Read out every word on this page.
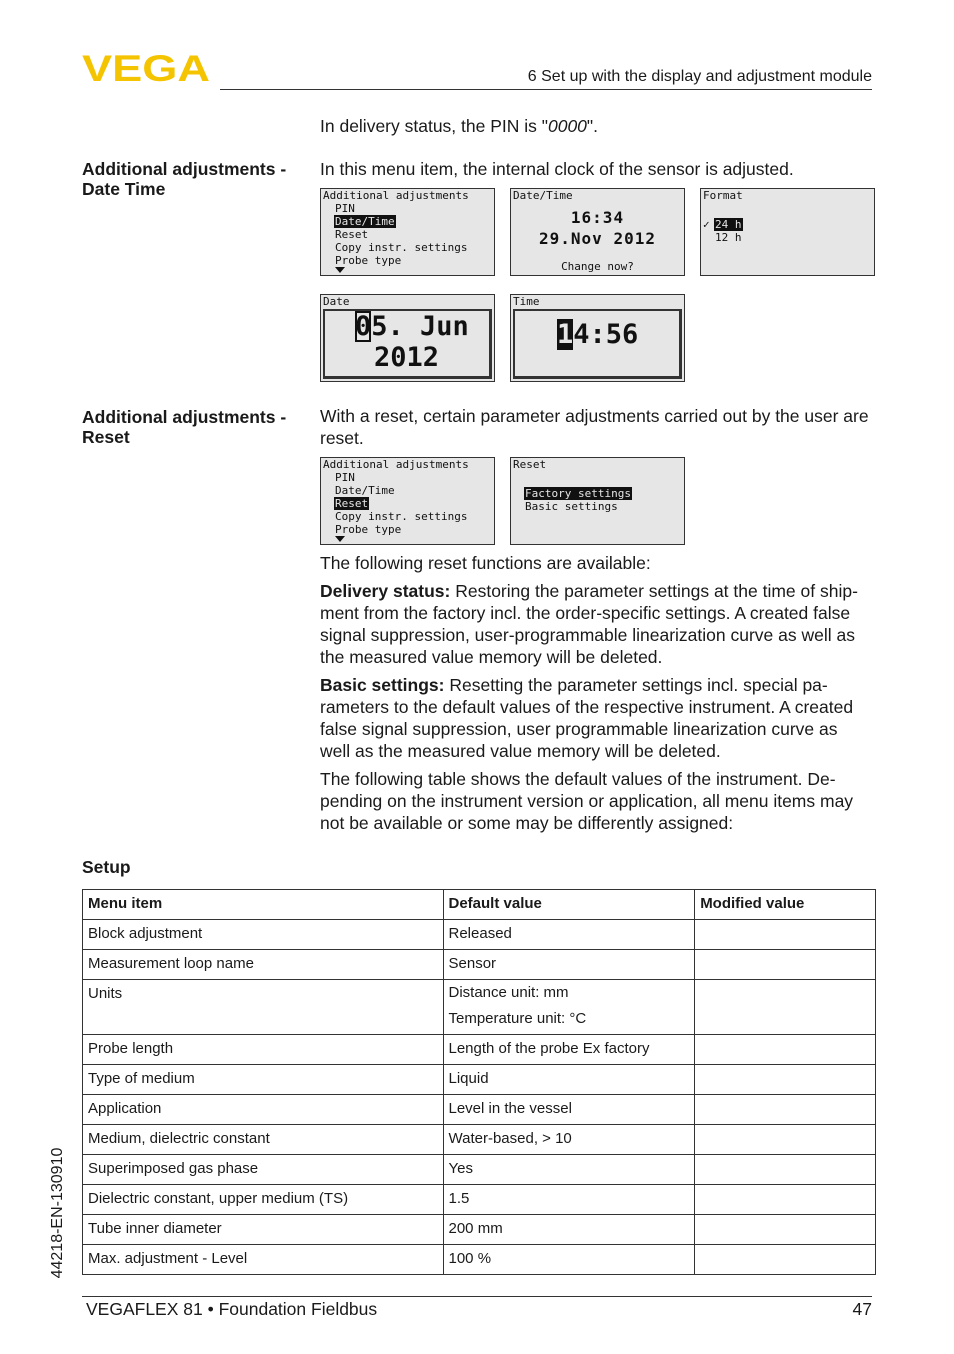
VEGA	6 Set up with the display and adjustment module
In delivery status, the PIN is "0000".
Additional adjustments - Date Time
In this menu item, the internal clock of the sensor is adjusted.
Additional adjustments
PIN
Date/Time
Reset
Copy instr. settings
Probe type
Date/Time
16:34
29.Nov 2012
Change now?
Format
✓ 24 h
12 h
Date
05. Jun
2012
Time
14:56
Additional adjustments - Reset
With a reset, certain parameter adjustments carried out by the user are reset.
Additional adjustments
PIN
Date/Time
Reset
Copy instr. settings
Probe type
Reset
Factory settings
Basic settings
The following reset functions are available:
Delivery status: Restoring the parameter settings at the time of ship-ment from the factory incl. the order-specific settings. A created false signal suppression, user-programmable linearization curve as well as the measured value memory will be deleted.
Basic settings: Resetting the parameter settings incl. special pa-rameters to the default values of the respective instrument. A created false signal suppression, user programmable linearization curve as well as the measured value memory will be deleted.
The following table shows the default values of the instrument. De-pending on the instrument version or application, all menu items may not be available or some may be differently assigned:
Setup
Menu item	Default value	Modified value
Block adjustment	Released	
Measurement loop name	Sensor	
Units	Distance unit: mm
Temperature unit: °C	

Probe length	Length of the probe Ex factory	
Type of medium	Liquid	
Application	Level in the vessel	
Medium, dielectric constant	Water-based, > 10	
Superimposed gas phase	Yes	
Dielectric constant, upper medium (TS)	1.5	
Tube inner diameter	200 mm	
Max. adjustment - Level	100 %	
44218-EN-130910
VEGAFLEX 81 • Foundation Fieldbus	47
